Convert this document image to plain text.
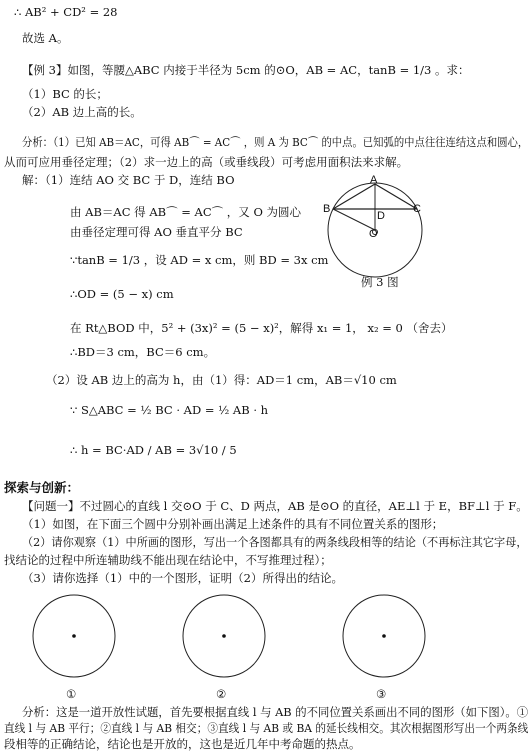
∴ AB² + CD² = 28
故选 A。
【例 3】如图，等腰△ABC 内接于半径为 5cm 的⊙O，AB = AC，tanB = 1/3 。求：
（1）BC 的长；
（2）AB 边上高的长。
分析：（1）已知 AB＝AC，可得 AB⌒ = AC⌒ ，则 A 为 BC⌒ 的中点。已知弧的中点往往连结这点和圆心，
从而可应用垂径定理；（2）求一边上的高（或垂线段）可考虑用面积法来求解。
解：（1）连结 AO 交 BC 于 D，连结 BO
由 AB＝AC 得 AB⌒ = AC⌒ ，又 O 为圆心
由垂径定理可得 AO 垂直平分 BC
∵tanB = 1/3 ，设 AD = x cm，则 BD = 3x cm
∴OD = (5 − x) cm
在 Rt△BOD 中，5² + (3x)² = (5 − x)²，解得 x₁ = 1， x₂ = 0 （舍去）
∴BD＝3 cm，BC＝6 cm。
（2）设 AB 边上的高为 h，由（1）得：AD＝1 cm，AB＝√10 cm
∵ S△ABC = ½ BC · AD = ½ AB · h
∴ h = BC·AD / AB = 3√10 / 5
探索与创新：
【问题一】不过圆心的直线 l 交⊙O 于 C、D 两点，AB 是⊙O 的直径，AE⊥l 于 E，BF⊥l 于 F。
（1）如图，在下面三个圆中分别补画出满足上述条件的具有不同位置关系的图形；
（2）请你观察（1）中所画的图形，写出一个各图都具有的两条线段相等的结论（不再标注其它字母，
找结论的过程中所连辅助线不能出现在结论中，不写推理过程）；
（3）请你选择（1）中的一个图形，证明（2）所得出的结论。
A
B	C
D
O
例 3 图
①	②	③
分析：这是一道开放性试题，首先要根据直线 l 与 AB 的不同位置关系画出不同的图形（如下图）。①
直线 l 与 AB 平行；②直线 l 与 AB 相交；③直线 l 与 AB 或 BA 的延长线相交。其次根据图形写出一个两条线
段相等的正确结论，结论也是开放的，这也是近几年中考命题的热点。
